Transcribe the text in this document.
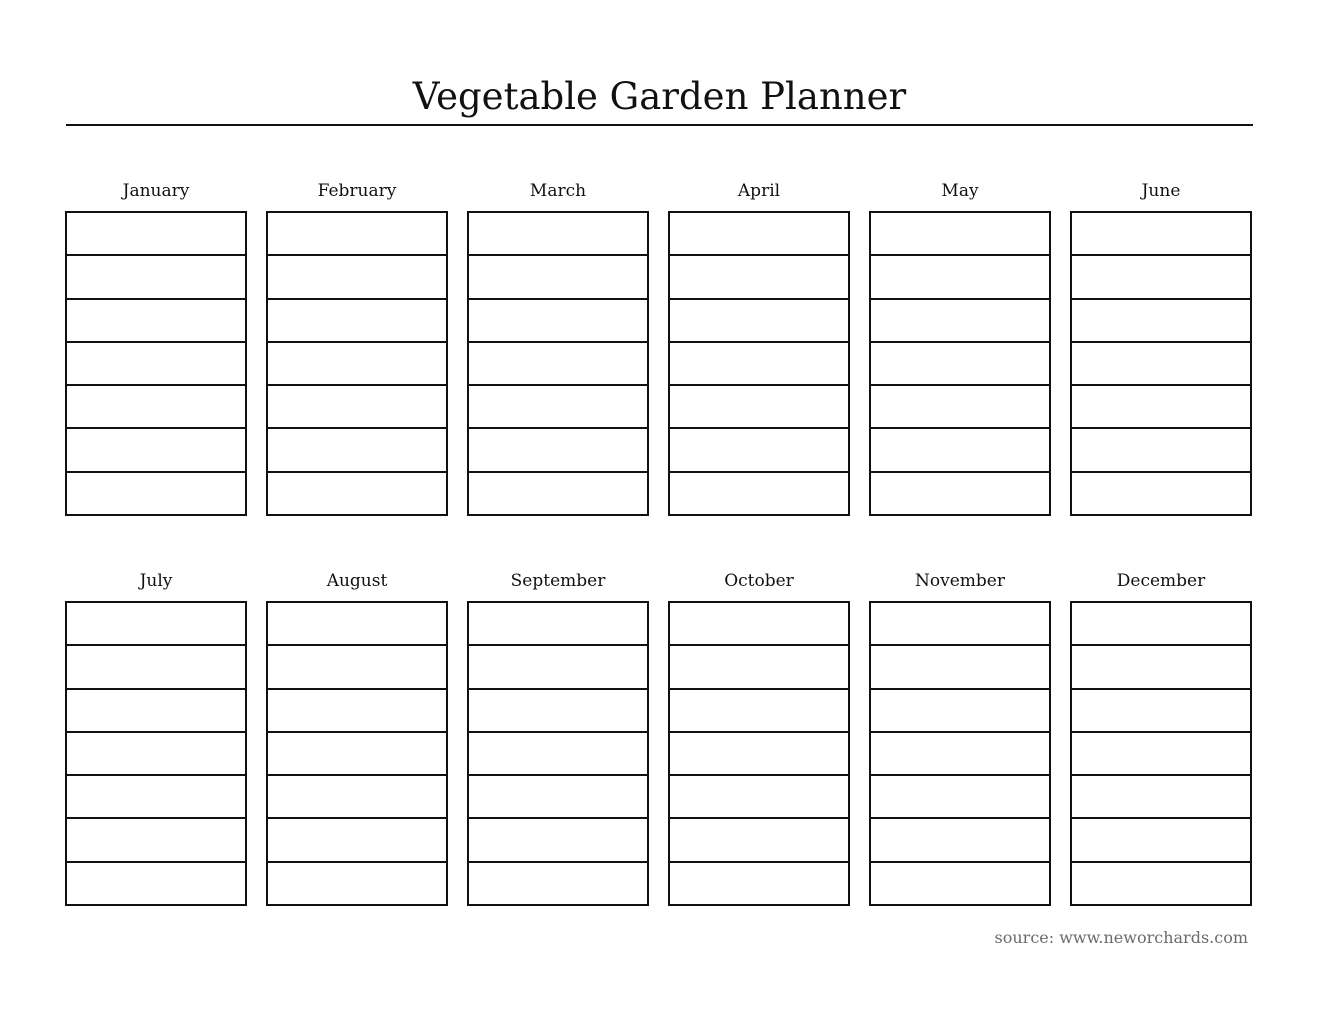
Vegetable Garden Planner
January	February	March	April	May	June
July	August	September	October	November	December
source: www.neworchards.com
